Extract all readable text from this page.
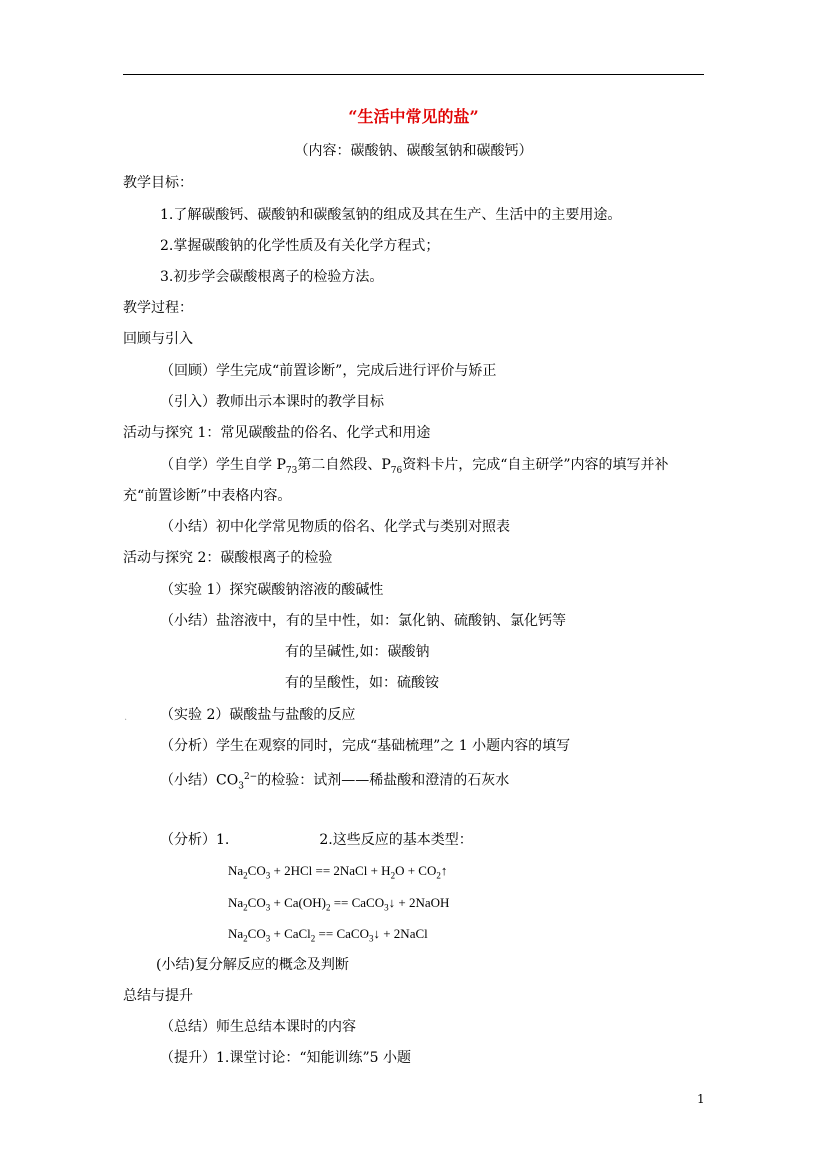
“生活中常见的盐”
（内容：碳酸钠、碳酸氢钠和碳酸钙）
教学目标：
1.了解碳酸钙、碳酸钠和碳酸氢钠的组成及其在生产、生活中的主要用途。
2.掌握碳酸钠的化学性质及有关化学方程式；
3.初步学会碳酸根离子的检验方法。
教学过程：
回顾与引入
（回顾）学生完成“前置诊断”，完成后进行评价与矫正
（引入）教师出示本课时的教学目标
活动与探究 1：常见碳酸盐的俗名、化学式和用途
（自学）学生自学 $P_{73}$第二自然段、$P_{76}$资料卡片，完成“自主研学”内容的填写并补
充“前置诊断”中表格内容。
（小结）初中化学常见物质的俗名、化学式与类别对照表
活动与探究 2：碳酸根离子的检验
（实验 1）探究碳酸钠溶液的酸碱性
（小结）盐溶液中，有的呈中性，如：氯化钠、硫酸钠、氯化钙等
有的呈碱性,如：碳酸钠
有的呈酸性，如：硫酸铵
. （实验 2）碳酸盐与盐酸的反应
（分析）学生在观察的同时，完成“基础梳理”之 1 小题内容的填写
（小结）$CO_3^{2-}$的检验：试剂——稀盐酸和澄清的石灰水
（分析）1.	2.这些反应的基本类型：
$Na_2CO_3 + 2HCl$ == 2NaCl + $H_2O$ + $CO_2↑$
$Na_2CO_3 + Ca(OH)_2$ == CaCO$_3$↓ + 2NaOH
$Na_2CO_3$ + CaCl$_2$ == CaCO$_3$↓ + 2NaCl
(小结)复分解反应的概念及判断
总结与提升
（总结）师生总结本课时的内容
（提升）1.课堂讨论：“知能训练”5 小题
1
